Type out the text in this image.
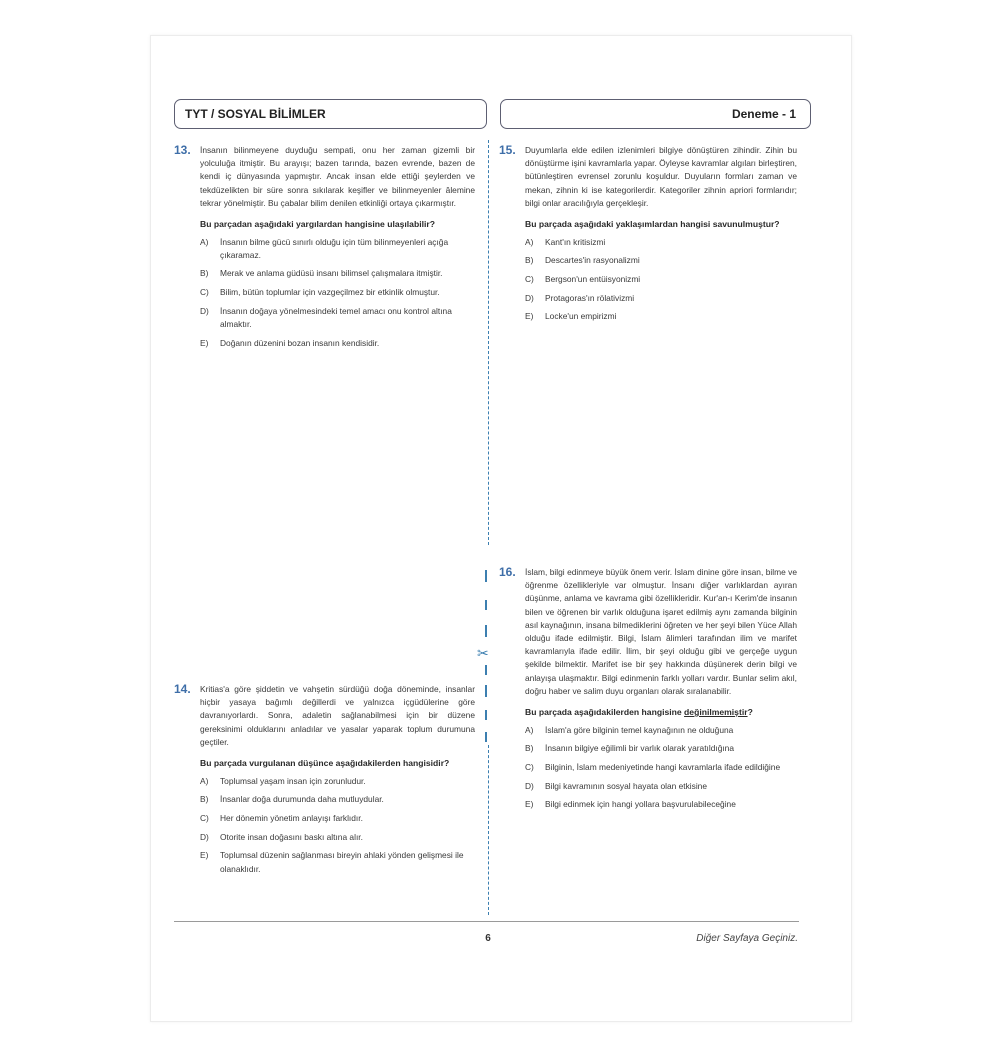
TYT / SOSYAL BİLİMLER	Deneme - 1
✂
13. İnsanın bilinmeyene duyduğu sempati, onu her zaman gizemli bir yolculuğa itmiştir. Bu arayışı; bazen tarında, bazen evrende, bazen de kendi iç dünyasında yapmıştır. Ancak insan elde ettiği şeylerden ve tekdüzelikten bir süre sonra sıkılarak keşifler ve bilinmeyenler âlemine tekrar yönelmiştir. Bu çabalar bilim denilen etkinliği ortaya çıkarmıştır.

Bu parçadan aşağıdaki yargılardan hangisine ulaşılabilir?

A)	İnsanın bilme gücü sınırlı olduğu için tüm bilinmeyenleri açığa çıkaramaz.
B)	Merak ve anlama güdüsü insanı bilimsel çalışmalara itmiştir.
C)	Bilim, bütün toplumlar için vazgeçilmez bir etkinlik olmuştur.
D)	İnsanın doğaya yönelmesindeki temel amacı onu kontrol altına almaktır.
E)	Doğanın düzenini bozan insanın kendisidir.
15. Duyumlarla elde edilen izlenimleri bilgiye dönüştüren zihindir. Zihin bu dönüştürme işini kavramlarla yapar. Öyleyse kavramlar algıları birleştiren, bütünleştiren evrensel zorunlu koşuldur. Duyuların formları zaman ve mekan, zihnin ki ise kategorilerdir. Kategoriler zihnin apriori formlarıdır; bilgi onlar aracılığıyla gerçekleşir.

Bu parçada aşağıdaki yaklaşımlardan hangisi savunulmuştur?

A)	Kant'ın kritisizmi
B)	Descartes'in rasyonalizmi
C)	Bergson'un entüisyonizmi
D)	Protagoras'ın rölativizmi
E)	Locke'un empirizmi
16. İslam, bilgi edinmeye büyük önem verir. İslam dinine göre insan, bilme ve öğrenme özellikleriyle var olmuştur. İnsanı diğer varlıklardan ayıran düşünme, anlama ve kavrama gibi özellikleridir. Kur'an-ı Kerim'de insanın bilen ve öğrenen bir varlık olduğuna işaret edilmiş aynı zamanda bilginin asıl kaynağının, insana bilmediklerini öğreten ve her şeyi bilen Yüce Allah olduğu ifade edilmiştir. Bilgi, İslam âlimleri tarafından ilim ve marifet kavramlarıyla ifade edilir. İlim, bir şeyi olduğu gibi ve gerçeğe uygun şekilde bilmektir. Marifet ise bir şey hakkında düşünerek derin bilgi ve anlayışa ulaşmaktır. Bilgi edinmenin farklı yolları vardır. Bunlar selim akıl, doğru haber ve salim duyu organları olarak sıralanabilir.

Bu parçada aşağıdakilerden hangisine değinilmemiştir?

A)	İslam'a göre bilginin temel kaynağının ne olduğuna
B)	İnsanın bilgiye eğilimli bir varlık olarak yaratıldığına
C)	Bilginin, İslam medeniyetinde hangi kavramlarla ifade edildiğine
D)	Bilgi kavramının sosyal hayata olan etkisine
E)	Bilgi edinmek için hangi yollara başvurulabileceğine
14. Kritias'a göre şiddetin ve vahşetin sürdüğü doğa döneminde, insanlar hiçbir yasaya bağımlı değillerdi ve yalnızca içgüdülerine göre davranıyorlardı. Sonra, adaletin sağlanabilmesi için bir düzene gereksinimi olduklarını anladılar ve yasalar yaparak toplum durumuna geçtiler.

Bu parçada vurgulanan düşünce aşağıdakilerden hangisidir?

A)	Toplumsal yaşam insan için zorunludur.
B)	İnsanlar doğa durumunda daha mutluydular.
C)	Her dönemin yönetim anlayışı farklıdır.
D)	Otorite insan doğasını baskı altına alır.
E)	Toplumsal düzenin sağlanması bireyin ahlaki yönden gelişmesi ile olanaklıdır.
6	Diğer Sayfaya Geçiniz.
